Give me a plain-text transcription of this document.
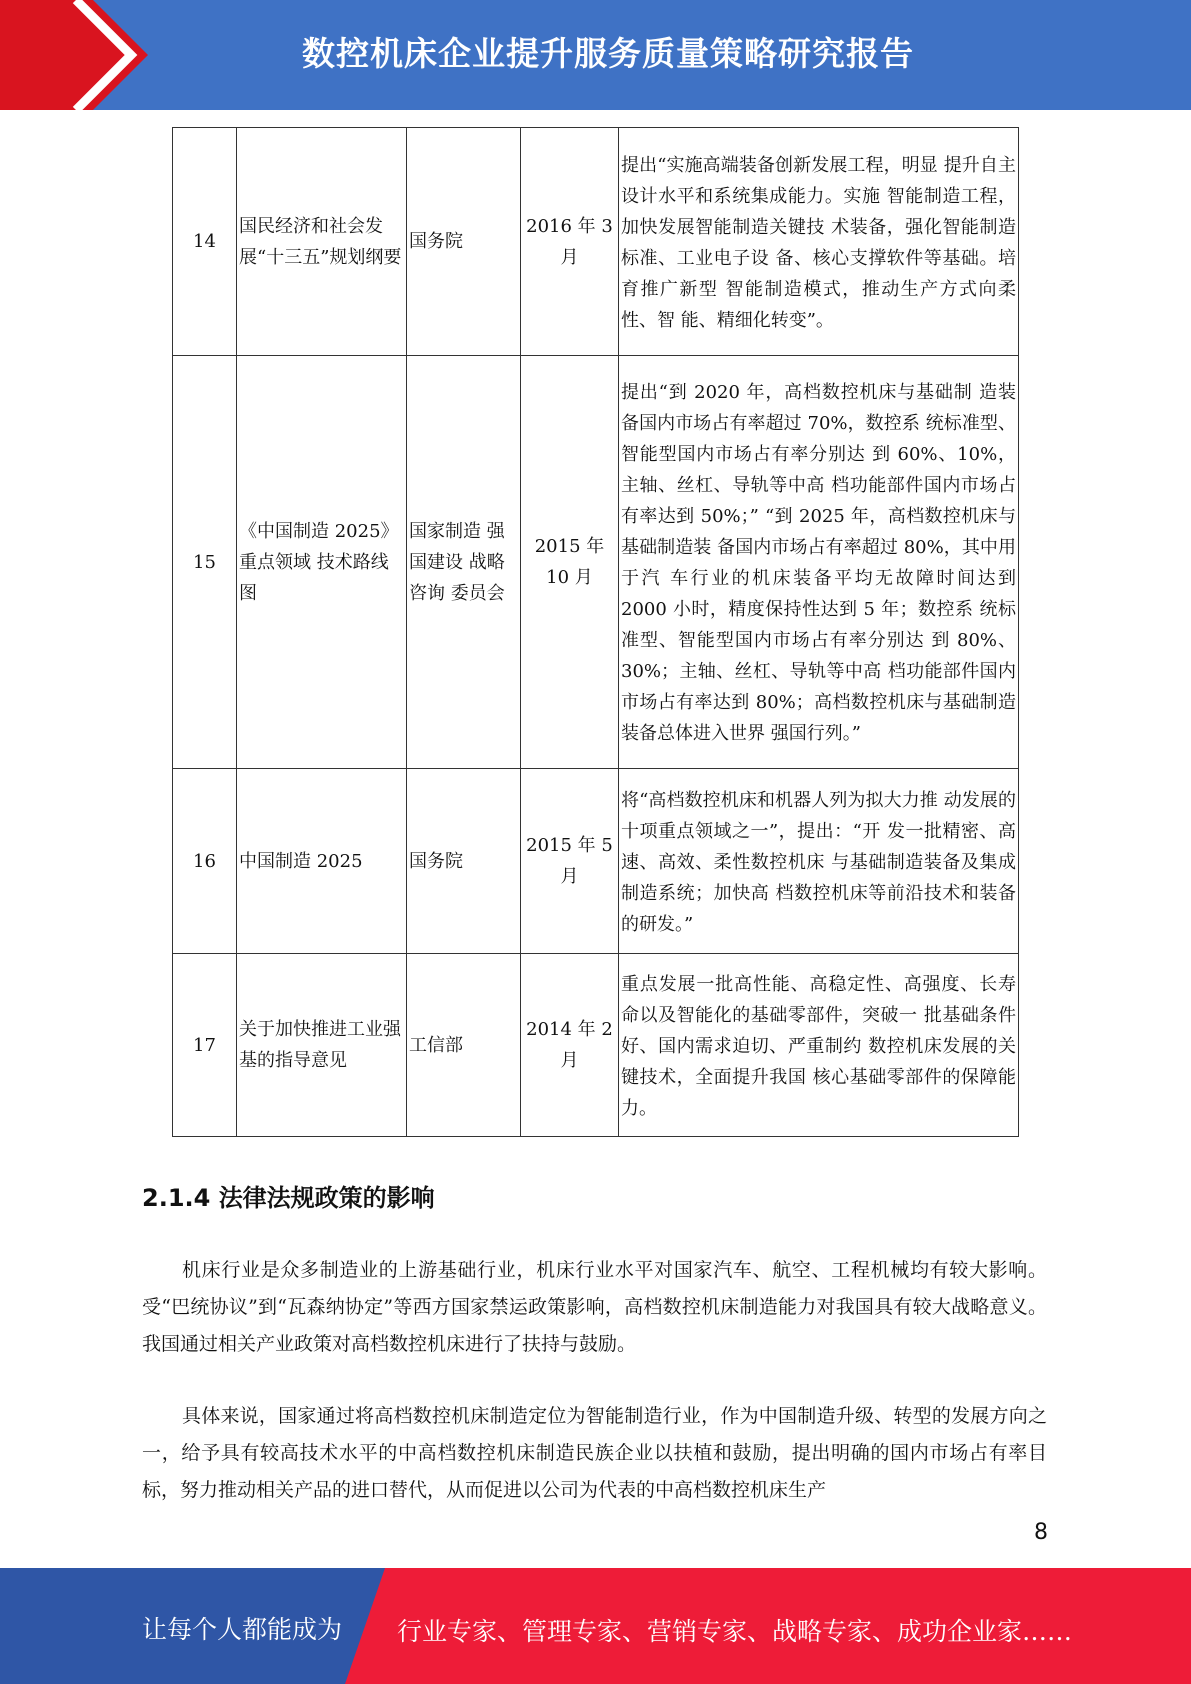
数控机床企业提升服务质量策略研究报告
14	国民经济和社会发展“十三五”规划纲要	国务院	2016 年 3 月	提出“实施高端装备创新发展工程，明显 提升自主设计水平和系统集成能力。实施 智能制造工程，加快发展智能制造关键技 术装备，强化智能制造标准、工业电子设 备、核心支撑软件等基础。培育推广新型 智能制造模式，推动生产方式向柔性、智 能、精细化转变”。
15	《中国制造 2025》重点领域 技术路线图	国家制造 强国建设 战略咨询 委员会	2015 年 10 月	提出“到 2020 年，高档数控机床与基础制 造装备国内市场占有率超过 70%，数控系 统标准型、智能型国内市场占有率分别达 到 60%、10%，主轴、丝杠、导轨等中高 档功能部件国内市场占有率达到 50%；” “到 2025 年，高档数控机床与基础制造装 备国内市场占有率超过 80%，其中用于汽 车行业的机床装备平均无故障时间达到 2000 小时，精度保持性达到 5 年；数控系 统标准型、智能型国内市场占有率分别达 到 80%、30%；主轴、丝杠、导轨等中高 档功能部件国内市场占有率达到 80%；高档数控机床与基础制造装备总体进入世界 强国行列。”
16	中国制造 2025	国务院	2015 年 5 月	将“高档数控机床和机器人列为拟大力推 动发展的十项重点领域之一”，提出：“开 发一批精密、高速、高效、柔性数控机床 与基础制造装备及集成制造系统；加快高 档数控机床等前沿技术和装备的研发。”
17	关于加快推进工业强基的指导意见	工信部	2014 年 2 月	重点发展一批高性能、高稳定性、高强度、长寿命以及智能化的基础零部件，突破一 批基础条件好、国内需求迫切、严重制约 数控机床发展的关键技术，全面提升我国 核心基础零部件的保障能力。
2.1.4 法律法规政策的影响

机床行业是众多制造业的上游基础行业，机床行业水平对国家汽车、航空、工程机械均有较大影响。受“巴统协议”到“瓦森纳协定”等西方国家禁运政策影响，高档数控机床制造能力对我国具有较大战略意义。我国通过相关产业政策对高档数控机床进行了扶持与鼓励。

具体来说，国家通过将高档数控机床制造定位为智能制造行业，作为中国制造升级、转型的发展方向之一，给予具有较高技术水平的中高档数控机床制造民族企业以扶植和鼓励，提出明确的国内市场占有率目标，努力推动相关产品的进口替代，从而促进以公司为代表的中高档数控机床生产

8
让每个人都能成为 行业专家、管理专家、营销专家、战略专家、成功企业家……
